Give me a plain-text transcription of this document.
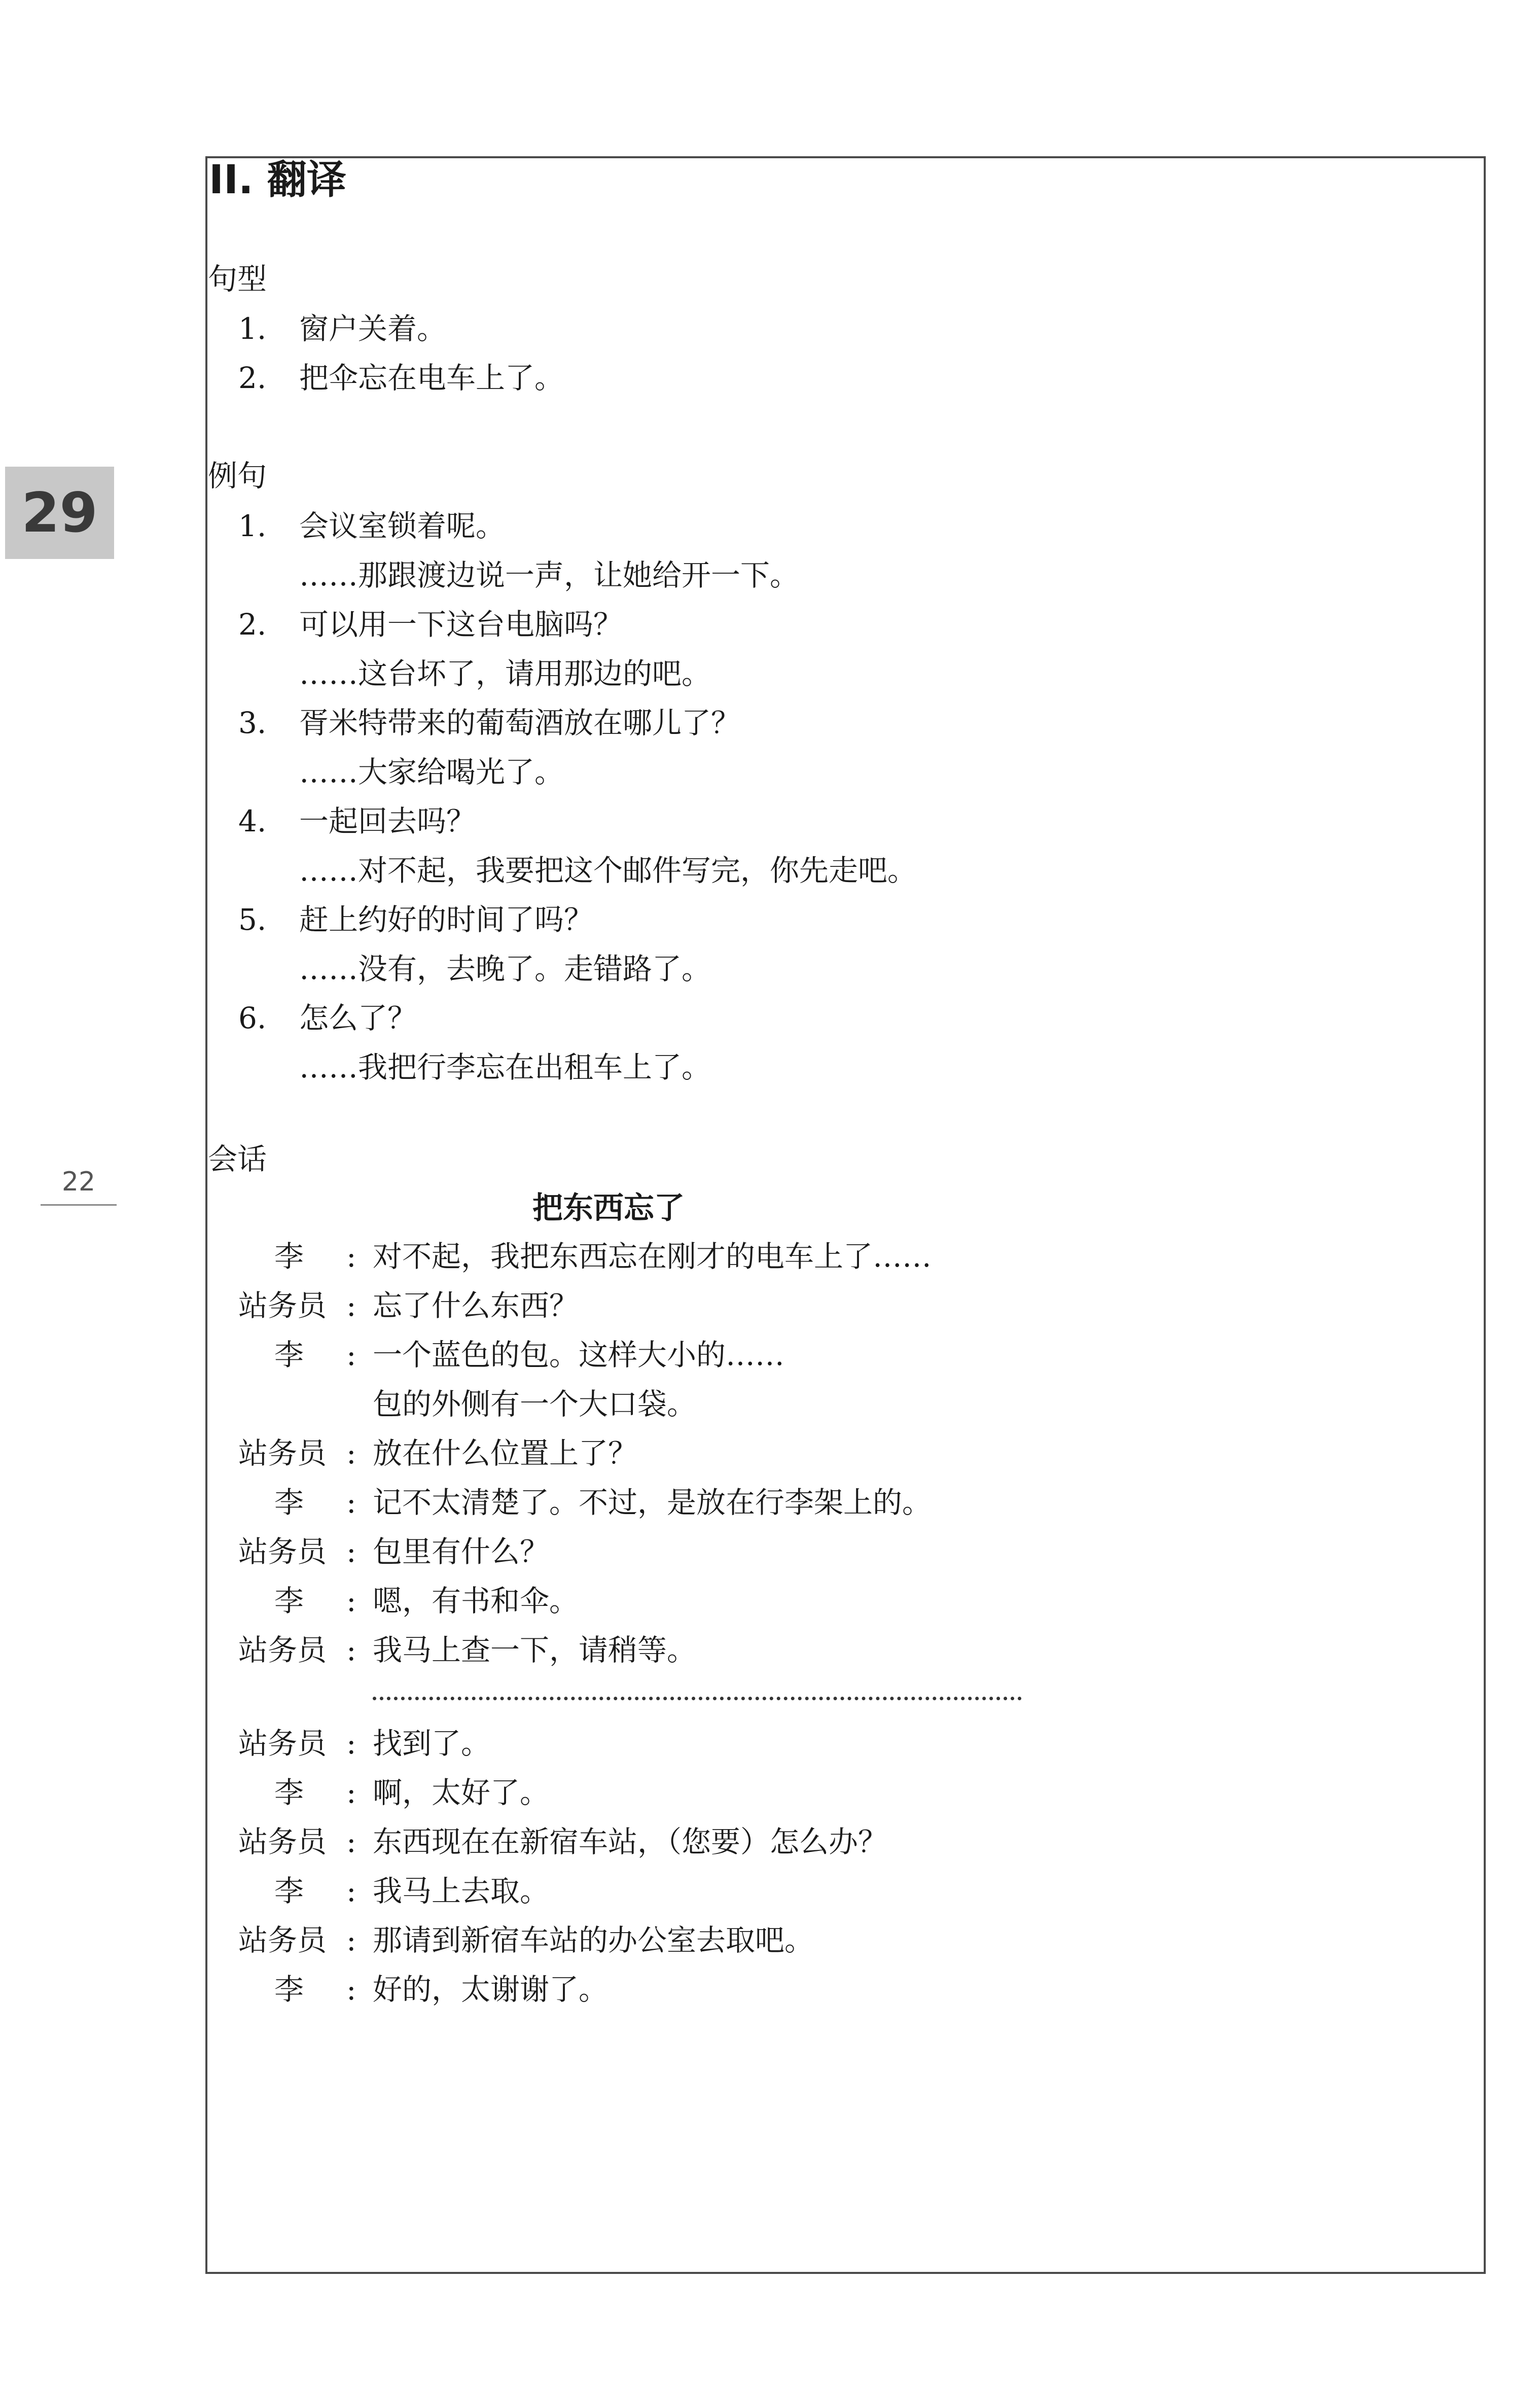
29
22
II. 翻译
句型
1. 窗户关着。
2. 把伞忘在电车上了。
例句
1. 会议室锁着呢。
……那跟渡边说一声，让她给开一下。
2. 可以用一下这台电脑吗？
……这台坏了，请用那边的吧。
3. 胥米特带来的葡萄酒放在哪儿了？
……大家给喝光了。
4. 一起回去吗？
……对不起，我要把这个邮件写完，你先走吧。
5. 赶上约好的时间了吗？
……没有，去晚了。走错路了。
6. 怎么了？
……我把行李忘在出租车上了。
会话
把东西忘了
李	: 对不起，我把东西忘在刚才的电车上了……
站务员 : 忘了什么东西？
李	: 一个蓝色的包。这样大小的……
包的外侧有一个大口袋。
站务员 : 放在什么位置上了？
李	: 记不太清楚了。不过，是放在行李架上的。
站务员 : 包里有什么？
李	: 嗯，有书和伞。
站务员 : 我马上查一下，请稍等。
站务员 : 找到了。
李	: 啊，太好了。
站务员 : 东西现在在新宿车站，（您要）怎么办？
李	: 我马上去取。
站务员 : 那请到新宿车站的办公室去取吧。
李	: 好的，太谢谢了。
